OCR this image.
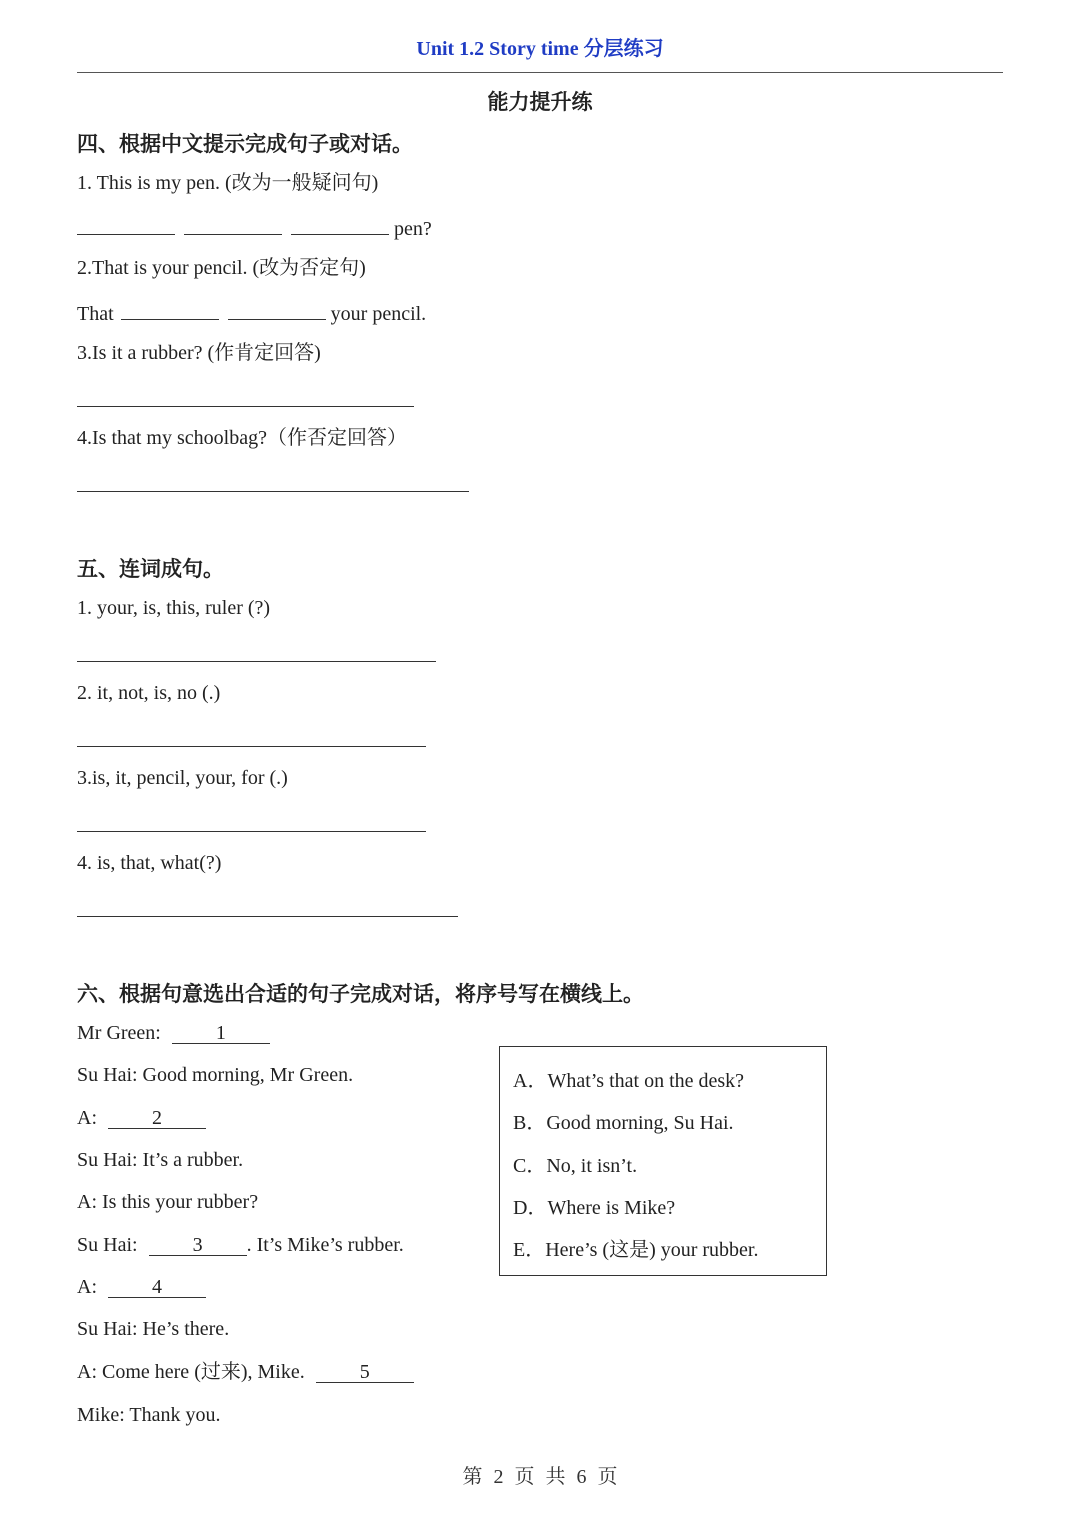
Unit 1.2 Story time 分层练习
能力提升练
四、根据中文提示完成句子或对话。
1. This is my pen. (改为一般疑问句)
pen?
2.That is your pencil. (改为否定句)
That	your pencil.
3.Is it a rubber? (作肯定回答)
4.Is that my schoolbag?（作否定回答）
五、连词成句。
1. your, is, this, ruler (?)
2. it, not, is, no (.)
3.is, it, pencil, your, for (.)
4. is, that, what(?)
六、根据句意选出合适的句子完成对话，将序号写在横线上。
Mr Green:	1
Su Hai: Good morning, Mr Green.
A:	2
Su Hai: It’s a rubber.
A: Is this your rubber?
Su Hai:	3 . It’s Mike’s rubber.
A:	4
Su Hai: He’s there.
A: Come here (过来), Mike.	5
Mike: Thank you.
A．What’s that on the desk?
B．Good morning, Su Hai.
C．No, it isn’t.
D．Where is Mike?
E．Here’s (这是) your rubber.
第 2 页 共 6 页
